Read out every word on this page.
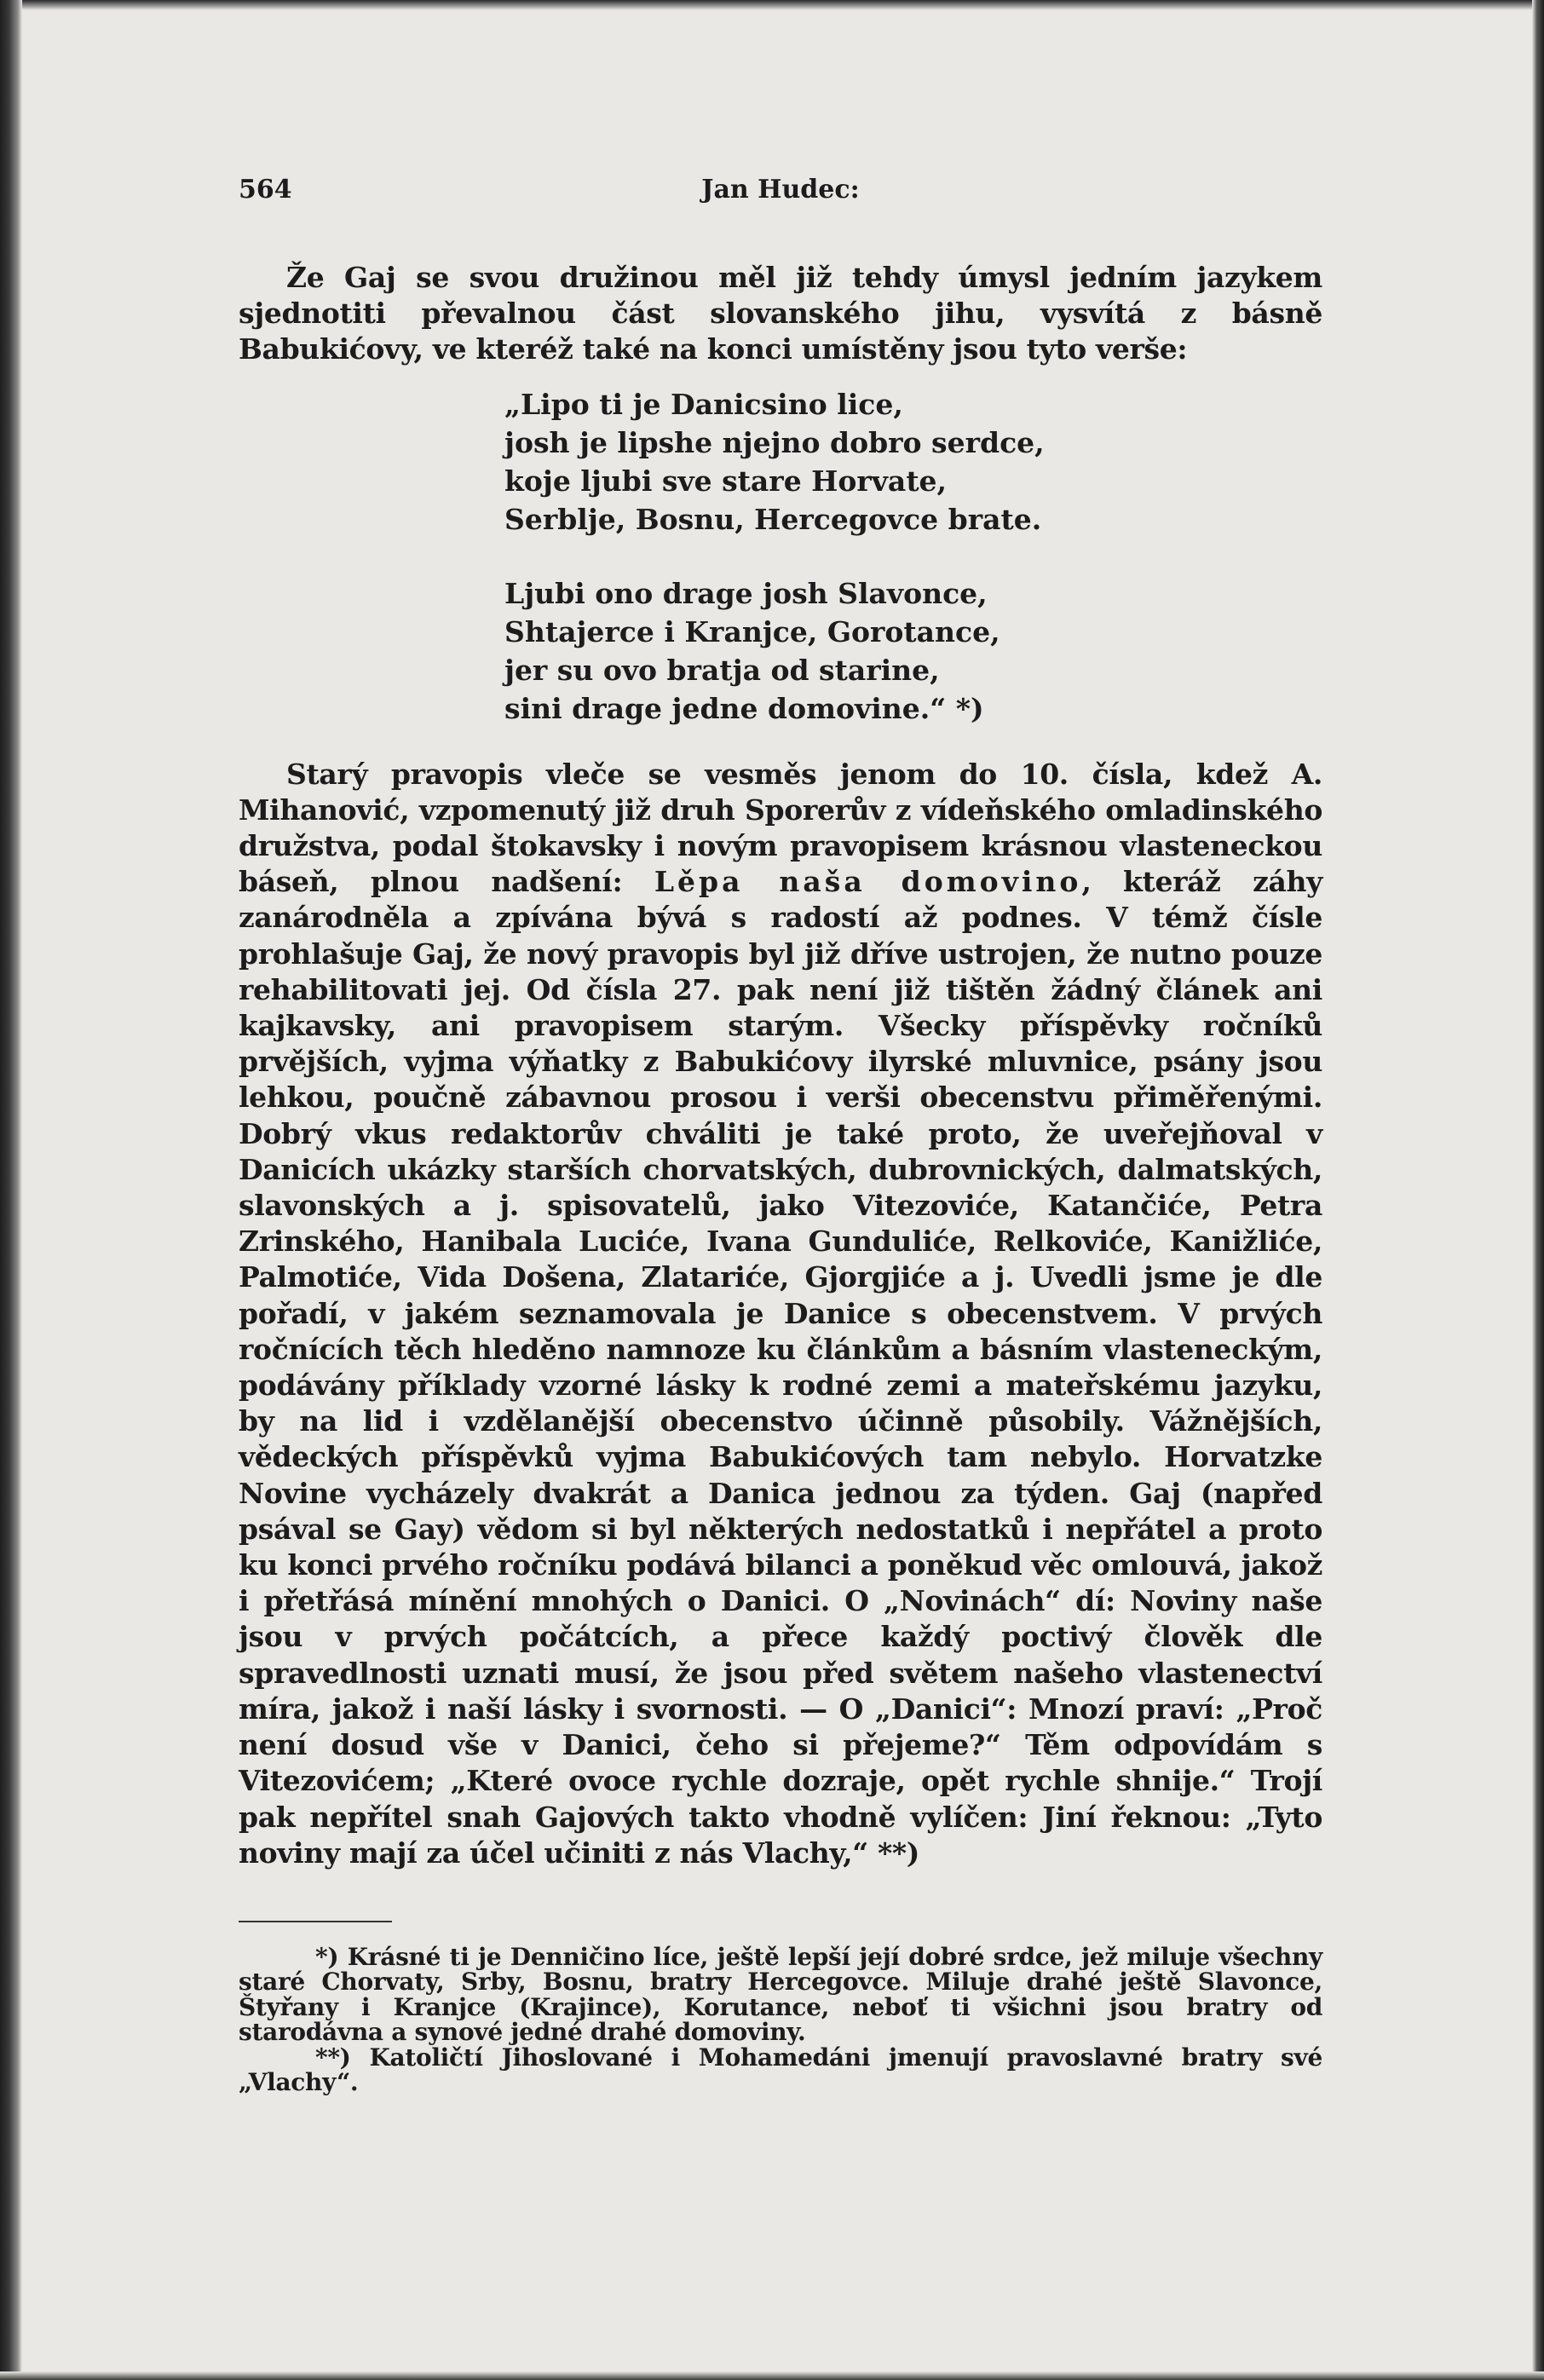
564	Jan Hudec:

Že Gaj se svou družinou měl již tehdy úmysl jedním jazykem sjednotiti převalnou část slovanského jihu, vysvítá z básně Babukićovy, ve kteréž také na konci umístěny jsou tyto verše:

„Lipo ti je Danicsino lice,
josh je lipshe njejno dobro serdce,
koje ljubi sve stare Horvate,
Serblje, Bosnu, Hercegovce brate.
Ljubi ono drage josh Slavonce,
Shtajerce i Kranjce, Gorotance,
jer su ovo bratja od starine,
sini drage jedne domovine.“ *)

Starý pravopis vleče se vesměs jenom do 10. čísla, kdež A. Mihanović, vzpomenutý již druh Sporerův z vídeňského omladinského družstva, podal štokavsky i novým pravopisem krásnou vlasteneckou báseň, plnou nadšení: Lěpa naša domovino, kteráž záhy zanárodněla a zpívána bývá s radostí až podnes. V témž čísle prohlašuje Gaj, že nový pravopis byl již dříve ustrojen, že nutno pouze rehabilitovati jej. Od čísla 27. pak není již tištěn žádný článek ani kajkavsky, ani pravopisem starým. Všecky příspěvky ročníků prvějších, vyjma výňatky z Babukićovy ilyrské mluvnice, psány jsou lehkou, poučně zábavnou prosou i verši obecenstvu přiměřenými. Dobrý vkus redaktorův chváliti je také proto, že uveřejňoval v Danicích ukázky starších chorvatských, dubrovnických, dalmatských, slavonských a j. spisovatelů, jako Vitezoviće, Katančiće, Petra Zrinského, Hanibala Luciće, Ivana Gundulićе, Relkoviće, Kanižliće, Palmotiće, Vida Došena, Zlatariće, Gjorgjiće a j. Uvedli jsme je dle pořadí, v jakém seznamovala je Danice s obecenstvem. V prvých ročnících těch hleděno namnoze ku článkům a básním vlasteneckým, podávány příklady vzorné lásky k rodné zemi a mateřskému jazyku, by na lid i vzdělanější obecenstvo účinně působily. Vážnějších, vědeckých příspěvků vyjma Babukićových tam nebylo. Horvatzke Novine vycházely dvakrát a Danica jednou za týden. Gaj (napřed psával se Gay) vědom si byl některých nedostatků i nepřátel a proto ku konci prvého ročníku podává bilanci a poněkud věc omlouvá, jakož i přetřásá mínění mnohých o Danici. O „Novinách“ dí: Noviny naše jsou v prvých počátcích, a přece každý poctivý člověk dle spravedlnosti uznati musí, že jsou před světem našeho vlastenectví míra, jakož i naší lásky i svornosti. — O „Danici“: Mnozí praví: „Proč není dosud vše v Danici, čeho si přejeme?“ Těm odpovídám s Vitezovićem; „Které ovoce rychle dozraje, opět rychle shnije.“ Trojí pak nepřítel snah Gajových takto vhodně vylíčen: Jiní řeknou: „Tyto noviny mají za účel učiniti z nás Vlachy,“ **)

*) Krásné ti je Denničino líce, ještě lepší její dobré srdce, jež miluje všechny staré Chorvaty, Srby, Bosnu, bratry Hercegovce. Miluje drahé ještě Slavonce, Štyřany i Kranjce (Krajince), Korutance, neboť ti všichni jsou bratry od starodávna a synové jedné drahé domoviny.

**) Katoličtí Jihoslované i Mohamedáni jmenují pravoslavné bratry své „Vlachy“.
